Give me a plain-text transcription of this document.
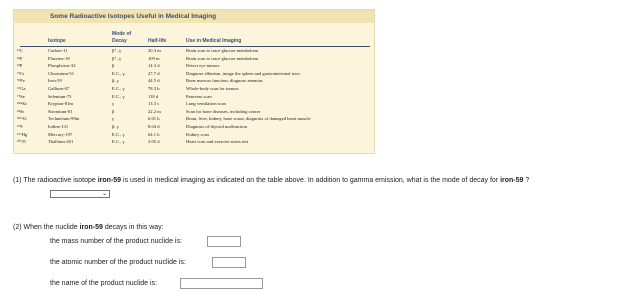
Some Radioactive Isotopes Useful in Medical Imaging
Isotope
Mode of
Decay	Half-life	Use in Medical Imaging
¹¹C	Carbon-11	β⁺, γ	20.3 m	Brain scan to trace glucose metabolism
¹⁸F	Fluorine-18	β⁺, γ	109 m	Brain scan to trace glucose metabolism
³²P	Phosphorus-32	β	14.3 d	Detect eye tumors
⁵¹Cr	Chromium-51	E.C., γ	27.7 d	Diagnose albinism, image the spleen and gastrointestinal tract
⁵⁹Fe	Iron-59	β, γ	44.5 d	Bone marrow function; diagnose anemias
⁶⁷Ga	Gallium-67	E.C., γ	78.3 h	Whole-body scan for tumors
⁷⁵Se	Selenium-75	E.C., γ	118 d	Pancreas scan
⁸¹ᵐKr	Krypton-81m	γ	13.3 s	Lung ventilation scan
⁸¹Sr	Strontium-81	β	22.2 m	Scan for bone diseases, including cancer
⁹⁹ᵐTc	Technetium-99m	γ	6.01 h	Brain, liver, kidney, bone scans; diagnosis of damaged heart muscle
¹³¹I	Iodine-131	β, γ	8.04 d	Diagnosis of thyroid malfunction
¹⁹⁷Hg	Mercury-197	E.C., γ	64.1 h	Kidney scan
²⁰¹Tl	Thallium-201	E.C., γ	3.05 d	Heart scan and exercise stress test
(1) The radioactive isotope iron-59 is used in medical imaging as indicated on the table above. In addition to gamma emission, what is the mode of decay for iron-59 ?
⌄
(2) When the nuclide iron-59 decays in this way:
the mass number of the product nuclide is:
the atomic number of the product nuclide is:
the name of the product nuclide is:
